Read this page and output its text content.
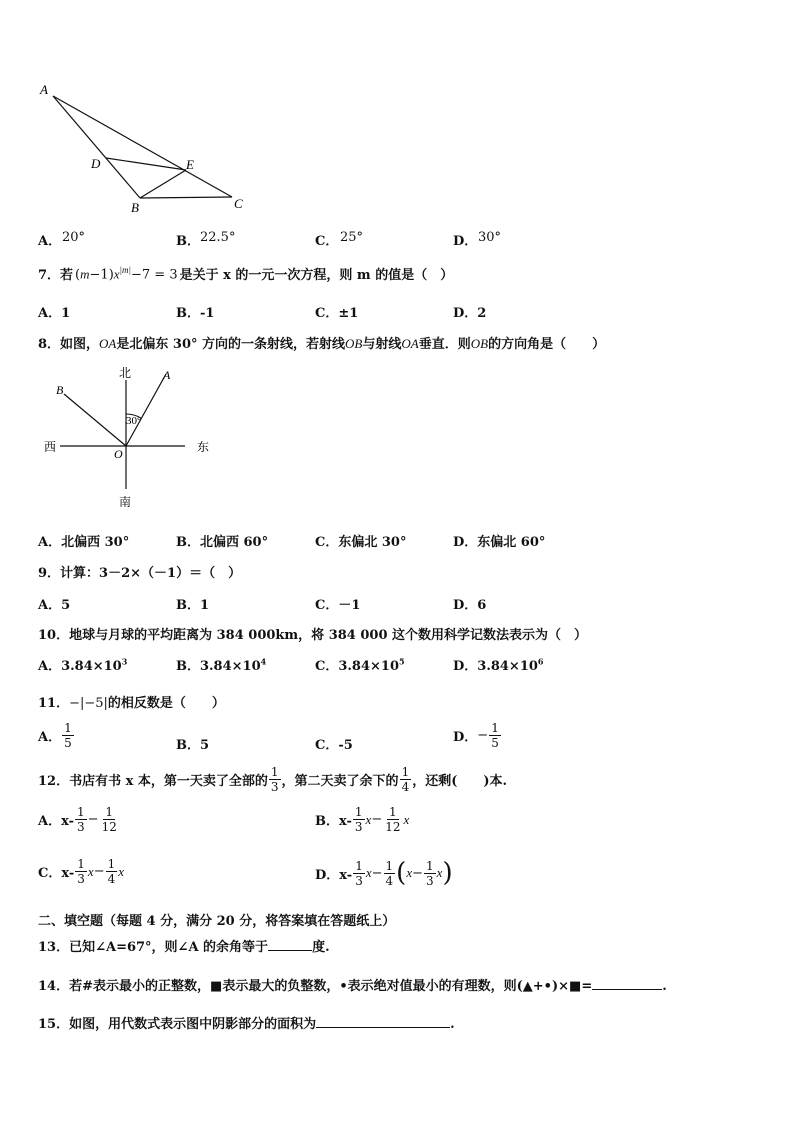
A
D	E
B	C
A． 20°	B． 22.5°	C． 25°	D． 30°
7．若 $(m-1)x^{|m|}-7 = 3$ 是关于 x 的一元一次方程，则 m 的值是（　）
A．1	B．-1	C．±1	D．2
8．如图，OA是北偏东 30° 方向的一条射线，若射线OB与射线OA垂直．则OB的方向角是（　　）
北
南
东
西	O
A
B
30°
A．北偏西 30°	B．北偏西 60°	C．东偏北 30°	D．东偏北 60°
9．计算：3－2×（－1）＝（　）
A．5	B．1	C．－1	D．6
10．地球与月球的平均距离为 384 000km，将 384 000 这个数用科学记数法表示为（　）
A．$3.84\times 10^3$	B．$3.84\times 10^4$	C．$3.84\times 10^5$	D．$3.84\times 10^6$
11．−|−5|的相反数是（　　）
A． $\frac{1}{5}$	B．5	C．-5
D． − $\frac{1}{5}$
12．书店有书 x 本，第一天卖了全部的 $\frac{1}{3}$ ，第二天卖了余下的 $\frac{1}{4}$ ，还剩(　　)本.
A．$x- \frac{1}{3} - \frac{1}{12}$	B．$x- \frac{1}{3}$ $x - \frac{1}{12}$ x
C．$x- \frac{1}{3}$ $x - \frac{1}{4}$ x	D．$x- \frac{1}{3}$ $x - \frac{1}{4}$ ( $x - \frac{1}{3}$ x )
二、填空题（每题 4 分，满分 20 分，将答案填在答题纸上）
13．已知∠A=67°，则∠A 的余角等于	度.
14．若#表示最小的正整数，■表示最大的负整数，•表示绝对值最小的有理数，则(▲+•)×■=	.
15．如图，用代数式表示图中阴影部分的面积为	.
